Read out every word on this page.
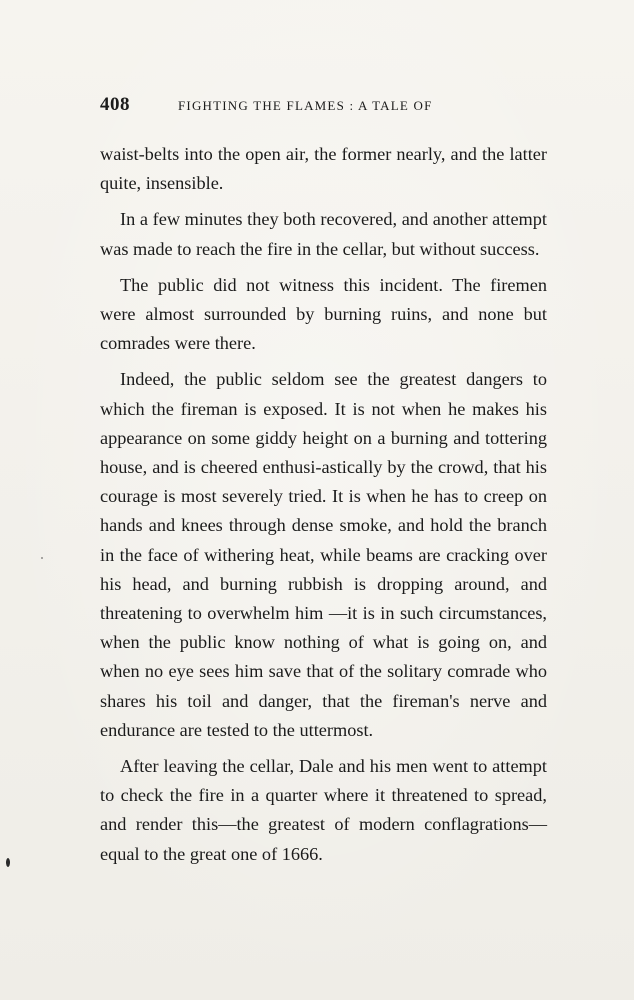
408	FIGHTING THE FLAMES : A TALE OF

waist-belts into the open air, the former nearly, and the latter quite, insensible.

In a few minutes they both recovered, and another attempt was made to reach the fire in the cellar, but without success.

The public did not witness this incident. The firemen were almost surrounded by burning ruins, and none but comrades were there.

Indeed, the public seldom see the greatest dangers to which the fireman is exposed. It is not when he makes his appearance on some giddy height on a burning and tottering house, and is cheered enthusi-astically by the crowd, that his courage is most severely tried. It is when he has to creep on hands and knees through dense smoke, and hold the branch in the face of withering heat, while beams are cracking over his head, and burning rubbish is dropping around, and threatening to overwhelm him —it is in such circumstances, when the public know nothing of what is going on, and when no eye sees him save that of the solitary comrade who shares his toil and danger, that the fireman's nerve and endurance are tested to the uttermost.

After leaving the cellar, Dale and his men went to attempt to check the fire in a quarter where it threatened to spread, and render this—the greatest of modern conflagrations—equal to the great one of 1666.
